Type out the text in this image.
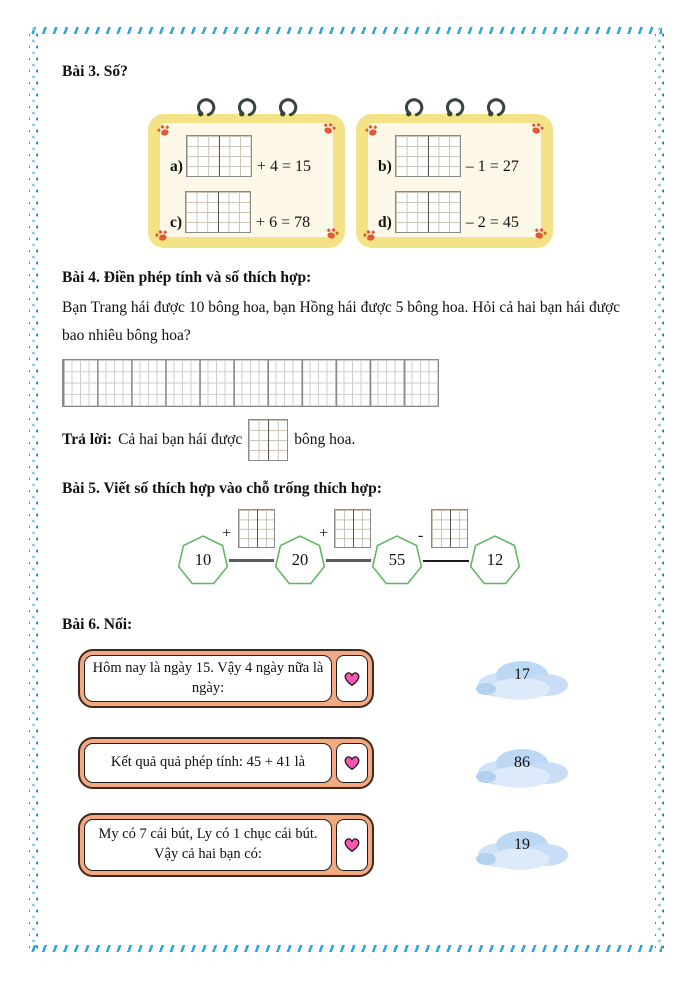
Bài 3. Số?
a)	+ 4 = 15
c)	+ 6 = 78
b)	– 1 = 27
d)	– 2 = 45
Bài 4. Điền phép tính và số thích hợp:

Bạn Trang hái được 10 bông hoa, bạn Hồng hái được 5 bông hoa. Hỏi cả hai bạn hái được bao nhiêu bông hoa?

Trả lời: Cả hai bạn hái được	bông hoa.
Bài 5. Viết số thích hợp vào chỗ trống thích hợp:
10
+
20
+
55
-
12
Bài 6. Nối:
Hôm nay là ngày 15. Vậy 4 ngày nữa là ngày:
17
Kết quả quả phép tính: 45 + 41 là	86
My có 7 cái bút, Ly có 1 chục cái bút. Vậy cả hai bạn có:
19
